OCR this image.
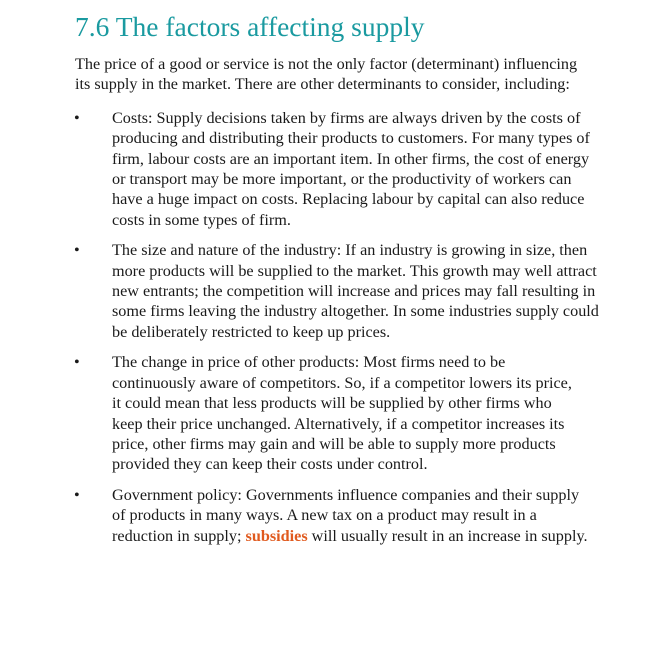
7.6 The factors affecting supply

The price of a good or service is not the only factor (determinant) influencing its supply in the market. There are other determinants to consider, including:

• Costs: Supply decisions taken by firms are always driven by the costs of producing and distributing their products to customers. For many types of firm, labour costs are an important item. In other firms, the cost of energy or transport may be more important, or the productivity of workers can have a huge impact on costs. Replacing labour by capital can also reduce costs in some types of firm.
• The size and nature of the industry: If an industry is growing in size, then more products will be supplied to the market. This growth may well attract new entrants; the competition will increase and prices may fall resulting in some firms leaving the industry altogether. In some industries supply could be deliberately restricted to keep up prices.
• The change in price of other products: Most firms need to be continuously aware of competitors. So, if a competitor lowers its price, it could mean that less products will be supplied by other firms who keep their price unchanged. Alternatively, if a competitor increases its price, other firms may gain and will be able to supply more products provided they can keep their costs under control.
• Government policy: Governments influence companies and their supply of products in many ways. A new tax on a product may result in a reduction in supply; subsidies will usually result in an increase in supply.
